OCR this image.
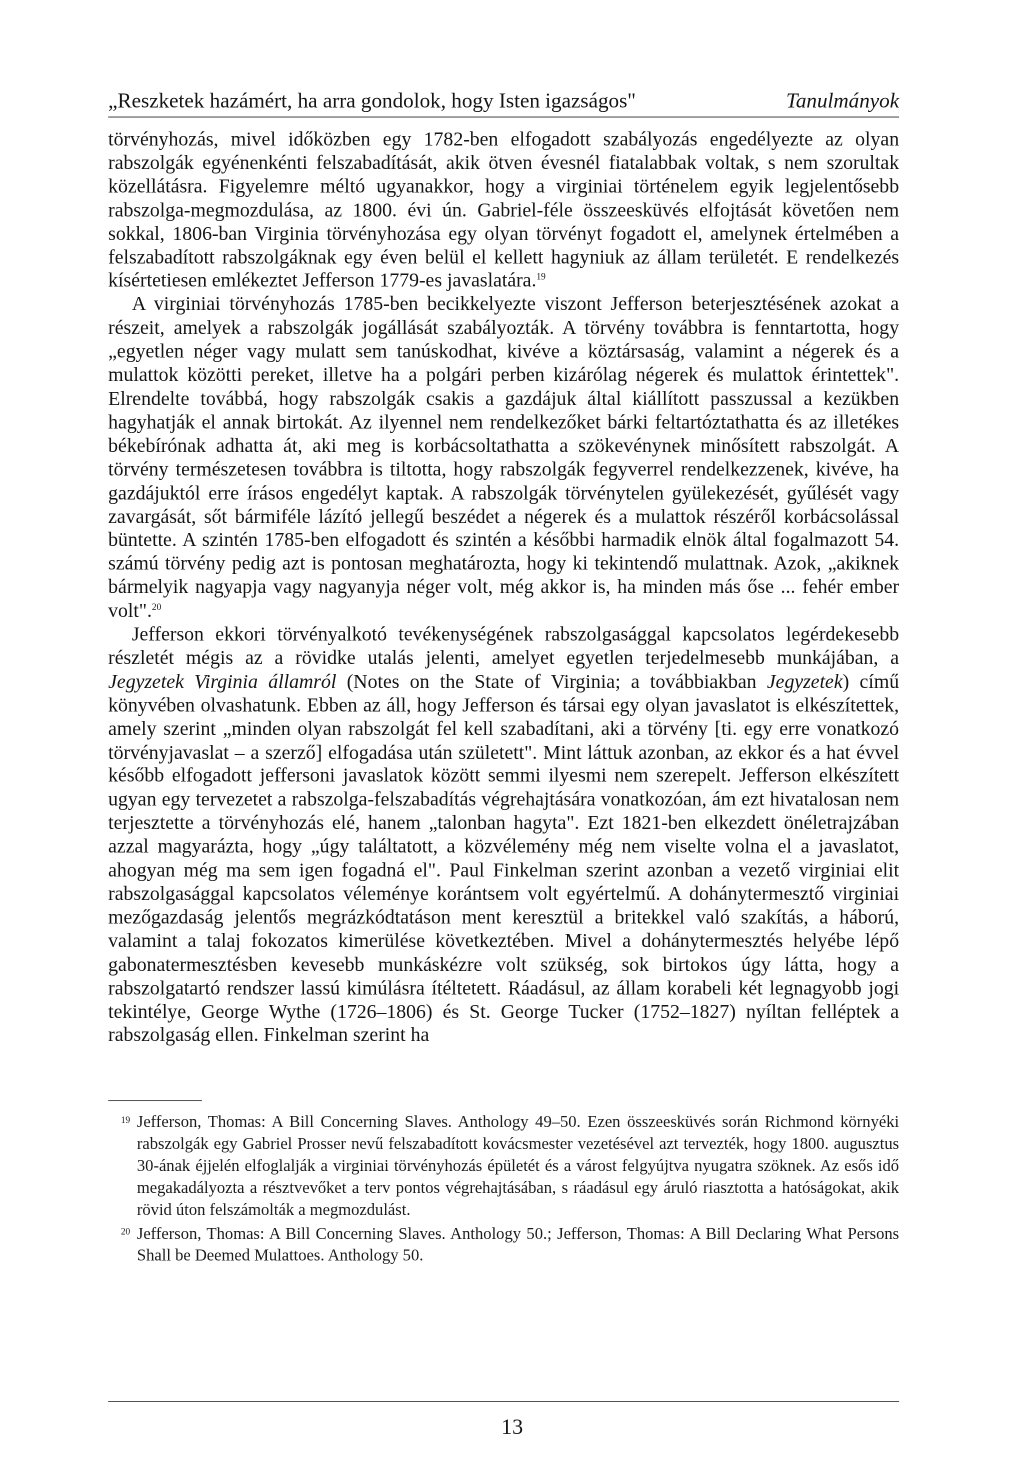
„Reszketek hazámért, ha arra gondolok, hogy Isten igazságos"	Tanulmányok

törvényhozás, mivel időközben egy 1782-ben elfogadott szabályozás engedélyezte az olyan rabszolgák egyénenkénti felszabadítását, akik ötven évesnél fiatalabbak voltak, s nem szorultak közellátásra. Figyelemre méltó ugyanakkor, hogy a virginiai történelem egyik legjelentősebb rabszolga-megmozdulása, az 1800. évi ún. Gabriel-féle összeesküvés elfojtását követően nem sokkal, 1806-ban Virginia törvényhozása egy olyan törvényt fogadott el, amelynek értelmében a felszabadított rabszolgáknak egy éven belül el kellett hagyniuk az állam területét. E rendelkezés kísértetiesen emlékeztet Jefferson 1779-es javaslatára.$^{19}$

A virginiai törvényhozás 1785-ben becikkelyezte viszont Jefferson beterjesztésének azokat a részeit, amelyek a rabszolgák jogállását szabályozták. A törvény továbbra is fenntartotta, hogy „egyetlen néger vagy mulatt sem tanúskodhat, kivéve a köztársaság, valamint a négerek és a mulattok közötti pereket, illetve ha a polgári perben kizárólag négerek és mulattok érintettek". Elrendelte továbbá, hogy rabszolgák csakis a gazdájuk által kiállított passzussal a kezükben hagyhatják el annak birtokát. Az ilyennel nem rendelkezőket bárki feltartóztathatta és az illetékes békebírónak adhatta át, aki meg is korbácsoltathatta a szökevénynek minősített rabszolgát. A törvény természetesen továbbra is tiltotta, hogy rabszolgák fegyverrel rendelkezzenek, kivéve, ha gazdájuktól erre írásos engedélyt kaptak. A rabszolgák törvénytelen gyülekezését, gyűlését vagy zavargását, sőt bármiféle lázító jellegű beszédet a négerek és a mulattok részéről korbácsolással büntette. A szintén 1785-ben elfogadott és szintén a későbbi harmadik elnök által fogalmazott 54. számú törvény pedig azt is pontosan meghatározta, hogy ki tekintendő mulattnak. Azok, „akiknek bármelyik nagyapja vagy nagyanyja néger volt, még akkor is, ha minden más őse ... fehér ember volt".$^{20}$

Jefferson ekkori törvényalkotó tevékenységének rabszolgasággal kapcsolatos legérdekesebb részletét mégis az a rövidke utalás jelenti, amelyet egyetlen terjedelmesebb munkájában, a Jegyzetek Virginia államról (Notes on the State of Virginia; a továbbiakban Jegyzetek) című könyvében olvashatunk. Ebben az áll, hogy Jefferson és társai egy olyan javaslatot is elkészítettek, amely szerint „minden olyan rabszolgát fel kell szabadítani, aki a törvény [ti. egy erre vonatkozó törvényjavaslat – a szerző] elfogadása után született". Mint láttuk azonban, az ekkor és a hat évvel később elfogadott jeffersoni javaslatok között semmi ilyesmi nem szerepelt. Jefferson elkészített ugyan egy tervezetet a rabszolga-felszabadítás végrehajtására vonatkozóan, ám ezt hivatalosan nem terjesztette a törvényhozás elé, hanem „talonban hagyta". Ezt 1821-ben elkezdett önéletrajzában azzal magyarázta, hogy „úgy találtatott, a közvélemény még nem viselte volna el a javaslatot, ahogyan még ma sem igen fogadná el". Paul Finkelman szerint azonban a vezető virginiai elit rabszolgasággal kapcsolatos véleménye korántsem volt egyértelmű. A dohánytermesztő virginiai mezőgazdaság jelentős megrázkódtatáson ment keresztül a britekkel való szakítás, a háború, valamint a talaj fokozatos kimerülése következtében. Mivel a dohánytermesztés helyébe lépő gabonatermesztésben kevesebb munkáskézre volt szükség, sok birtokos úgy látta, hogy a rabszolgatartó rendszer lassú kimúlásra ítéltetett. Ráadásul, az állam korabeli két legnagyobb jogi tekintélye, George Wythe (1726–1806) és St. George Tucker (1752–1827) nyíltan felléptek a rabszolgaság ellen. Finkelman szerint ha

19 Jefferson, Thomas: A Bill Concerning Slaves. Anthology 49–50. Ezen összeesküvés során Richmond környéki rabszolgák egy Gabriel Prosser nevű felszabadított kovácsmester vezetésével azt tervezték, hogy 1800. augusztus 30-ának éjjelén elfoglalják a virginiai törvényhozás épületét és a várost felgyújtva nyugatra szöknek. Az esős idő megakadályozta a résztvevőket a terv pontos végrehajtásában, s ráadásul egy áruló riasztotta a hatóságokat, akik rövid úton felszámolták a megmozdulást.
20 Jefferson, Thomas: A Bill Concerning Slaves. Anthology 50.; Jefferson, Thomas: A Bill Declaring What Persons Shall be Deemed Mulattoes. Anthology 50.
13
